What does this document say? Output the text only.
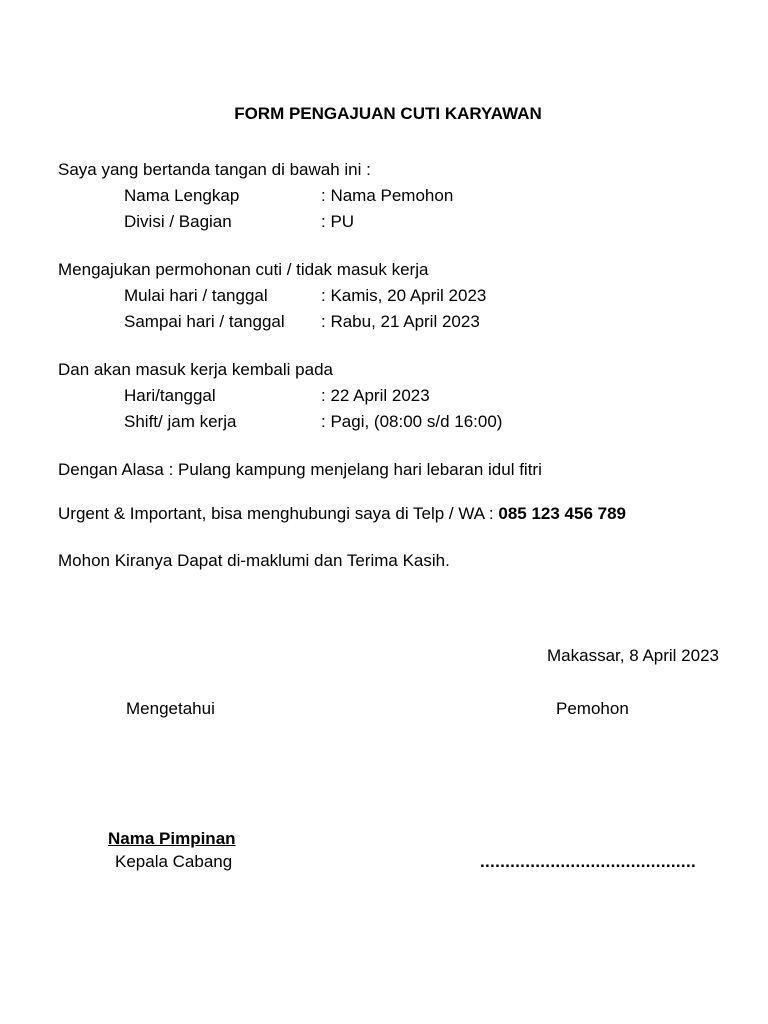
FORM PENGAJUAN CUTI KARYAWAN
Saya yang bertanda tangan di bawah ini :
Nama Lengkap	: Nama Pemohon
Divisi / Bagian	: PU
Mengajukan permohonan cuti / tidak masuk kerja
Mulai hari / tanggal	: Kamis, 20 April 2023
Sampai hari / tanggal : Rabu, 21 April 2023
Dan akan masuk kerja kembali pada
Hari/tanggal	: 22 April 2023
Shift/ jam kerja	: Pagi, (08:00 s/d 16:00)
Dengan Alasa : Pulang kampung menjelang hari lebaran idul fitri
Urgent & Important, bisa menghubungi saya di Telp / WA : 085 123 456 789
Mohon Kiranya Dapat di-maklumi dan Terima Kasih.
Makassar, 8 April 2023
Mengetahui	Pemohon
Nama Pimpinan
Kepala Cabang	...........................................
